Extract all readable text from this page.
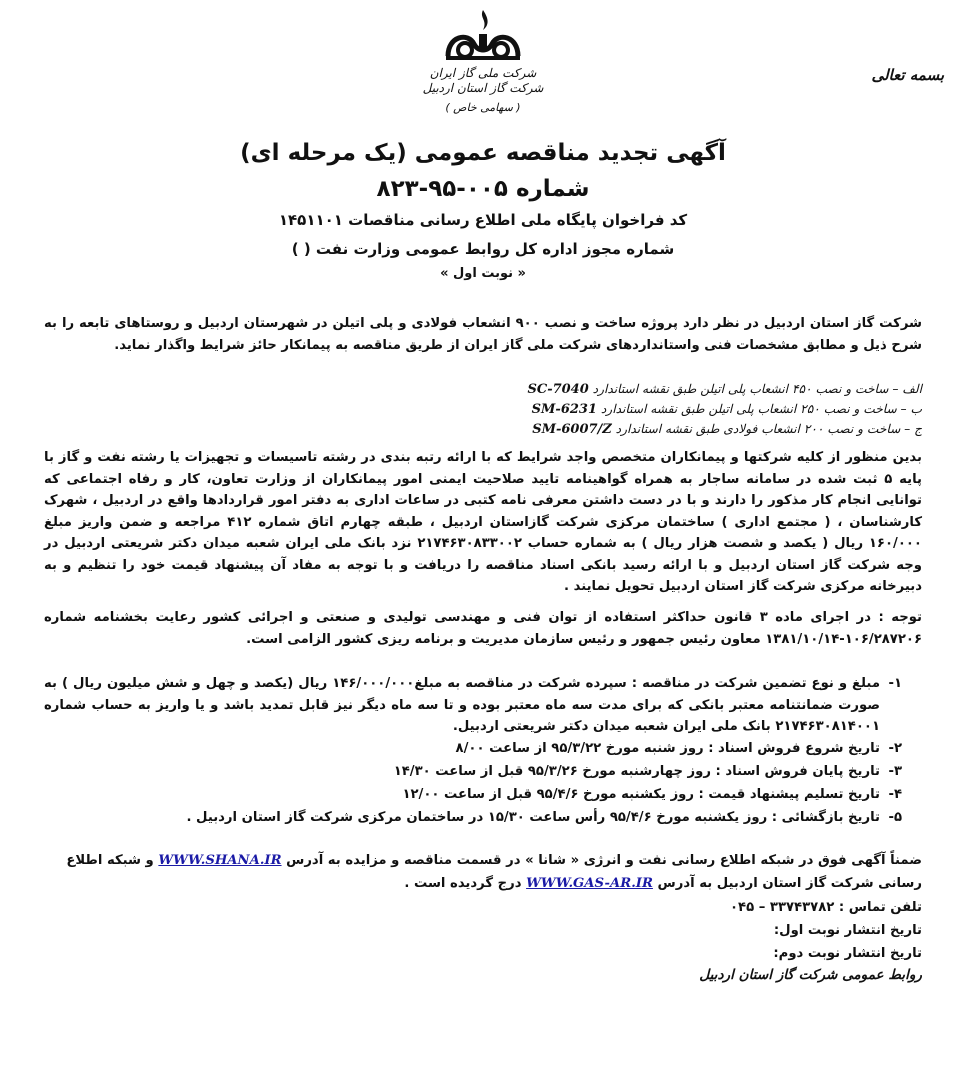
بسمه تعالی
شرکت ملی گاز ایران
شرکت گاز استان اردبیل
( سهامی خاص )
آگهی تجدید مناقصه عمومی (یک مرحله ای)
شماره ۰۰۵-۹۵-۸۲۳
کد فراخوان پایگاه ملی اطلاع رسانی مناقصات ۱۴۵۱۱۰۱
شماره مجوز اداره کل روابط عمومی وزارت نفت ( )
« نوبت اول »
شرکت گاز استان اردبیل در نظر دارد پروژه ساخت و نصب ۹۰۰ انشعاب فولادی و پلی اتیلن در شهرستان اردبیل و روستاهای تابعه را به شرح ذیل و مطابق مشخصات فنی واستانداردهای شرکت ملی گاز ایران از طریق مناقصه به پیمانکار حائز شرایط واگذار نماید.
الف – ساخت و نصب ۴۵۰ انشعاب پلی اتیلن طبق نقشه استاندارد SC-7040
ب – ساخت و نصب ۲۵۰ انشعاب پلی اتیلن طبق نقشه استاندارد SM-6231
ج – ساخت و نصب ۲۰۰ انشعاب فولادی طبق نقشه استاندارد SM-6007/Z
بدین منظور از کلیه شرکتها و پیمانکاران متخصص واجد شرایط که با ارائه رتبه بندی در رشته تاسیسات و تجهیزات یا رشته نفت و گاز با پایه ۵ ثبت شده در سامانه ساجار به همراه گواهینامه تایید صلاحیت ایمنی امور پیمانکاران از وزارت تعاون، کار و رفاه اجتماعی که توانایی انجام کار مذکور را دارند و با در دست داشتن معرفی نامه کتبی در ساعات اداری به دفتر امور قراردادها واقع در اردبیل ، شهرک کارشناسان ، ( مجتمع اداری ) ساختمان مرکزی شرکت گازاستان اردبیل ، طبقه چهارم اتاق شماره ۴۱۲ مراجعه و ضمن واریز مبلغ ۱۶۰/۰۰۰ ریال ( یکصد و شصت هزار ریال ) به شماره حساب ۲۱۷۴۶۳۰۸۳۳۰۰۲ نزد بانک ملی ایران شعبه میدان دکتر شریعتی اردبیل در وجه شرکت گاز استان اردبیل و با ارائه رسید بانکی اسناد مناقصه را دریافت و با توجه به مفاد آن پیشنهاد قیمت خود را تنظیم و به دبیرخانه مرکزی شرکت گاز استان اردبیل تحویل نمایند .
توجه : در اجرای ماده ۳ قانون حداکثر استفاده از توان فنی و مهندسی تولیدی و صنعتی و اجرائی کشور رعایت بخشنامه شماره ۱۰۶/۲۸۷۲۰۶-۱۳۸۱/۱۰/۱۴ معاون رئیس جمهور و رئیس سازمان مدیریت و برنامه ریزی کشور الزامی است.
۱-
مبلغ و نوع تضمین شرکت در مناقصه : سپرده شرکت در مناقصه به مبلغ۱۴۶/۰۰۰/۰۰۰ ریال (یکصد و چهل و شش میلیون ریال ) به صورت ضمانتنامه معتبر بانکی که برای مدت سه ماه معتبر بوده و تا سه ماه دیگر نیز قابل تمدید باشد و یا واریز به حساب شماره ۲۱۷۴۶۳۰۸۱۴۰۰۱ بانک ملی ایران شعبه میدان دکتر شریعتی اردبیل.
۲-
تاریخ شروع فروش اسناد : روز شنبه مورخ ۹۵/۳/۲۲ از ساعت ۸/۰۰
۳-
تاریخ پایان فروش اسناد : روز چهارشنبه مورخ ۹۵/۳/۲۶ قبل از ساعت ۱۴/۳۰
۴-
تاریخ تسلیم پیشنهاد قیمت : روز یکشنبه مورخ ۹۵/۴/۶ قبل از ساعت ۱۲/۰۰
۵-
تاریخ بازگشائی : روز یکشنبه مورخ ۹۵/۴/۶ رأس ساعت ۱۵/۳۰ در ساختمان مرکزی شرکت گاز استان اردبیل .
ضمناً آگهی فوق در شبکه اطلاع رسانی نفت و انرژی « شانا » در قسمت مناقصه و مزایده به آدرس WWW.SHANA.IR و شبکه اطلاع
رسانی شرکت گاز استان اردبیل به آدرس WWW.GAS-AR.IR درج گردیده است .
تلفن تماس : ۳۳۷۴۳۷۸۲ – ۰۴۵
تاریخ انتشار نوبت اول:
تاریخ انتشار نوبت دوم:
روابط عمومی شرکت گاز استان اردبیل
